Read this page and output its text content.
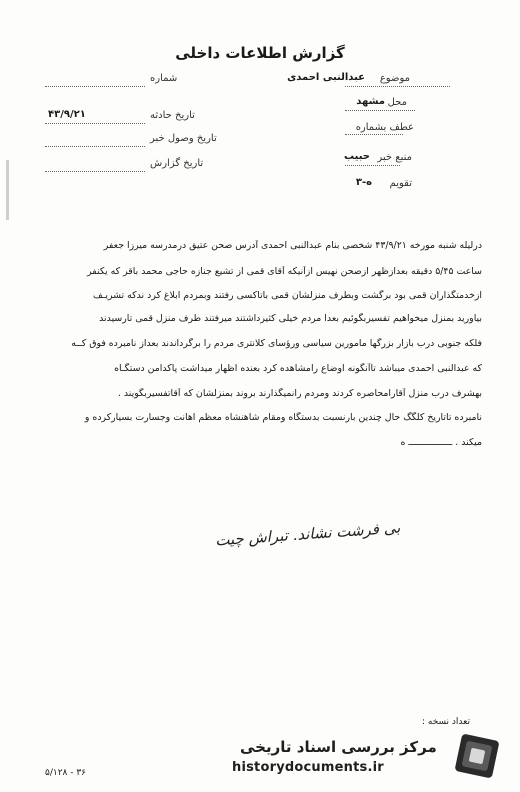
گزارش اطلاعات داخلی
موضوع
عبدالنبی احمدی
محل
مشهد
عطف بشماره
منبع خبر
حبیب
تقویم
ه-۳
شماره
تاریخ حادثه
۴۳/۹/۲۱
تاریخ وصول خبر
تاریخ گزارش
درلیله شنبه مورخه ۴۳/۹/۲۱ شخصی بنام عبدالنبی احمدی آدرس صحن عتیق درمدرسه میرزا جعفر
ساعت ۵/۴۵ دقیقه بعدازظهر ازصحن نهیس ازآنیکه آقای قمی از تشیع جنازه حاجی محمد باقر که یکنفر
ازخدمتگذاران قمی بود برگشت وبطرف منزلشان قمی باتاکسی رفتند وبمردم ابلاغ کرد ندکه تشریـف
بیاورید بمنزل میخواهیم تفسیربگوئیم بعدا مردم خیلی کثیرداشتند میرفتند طرف منزل قمی تارسیدند
فلکه جنوبی درب بازار بزرگها مامورین سیاسی ورؤسای کلانتری مردم را برگرداندند بعداز نامبرده فوق کــه
که عبدالنبی احمدی میباشد تاآنگونه اوضاع رامشاهده کرد بعنده اظهار میداشت پاکدامن دستگـاه
بهشرف درب منزل آقارامحاصره کردند ومردم رانمیگذارند بروند بمنزلشان که آقاتفسیربگویند .
نامبرده تاتاریخ کلگگ حال چندین بارنسبت بدستگاه ومقام شاهنشاه معظم اهانت وجسارت بسیارکرده و
میکند . ــــــــــــــــ ه
بی فرشت نشاند. تبراش چیت
تعداد نسخه :
۵/۱۲۸ - ۳۶
مرکز بررسی اسناد تاریخی
historydocuments.ir
